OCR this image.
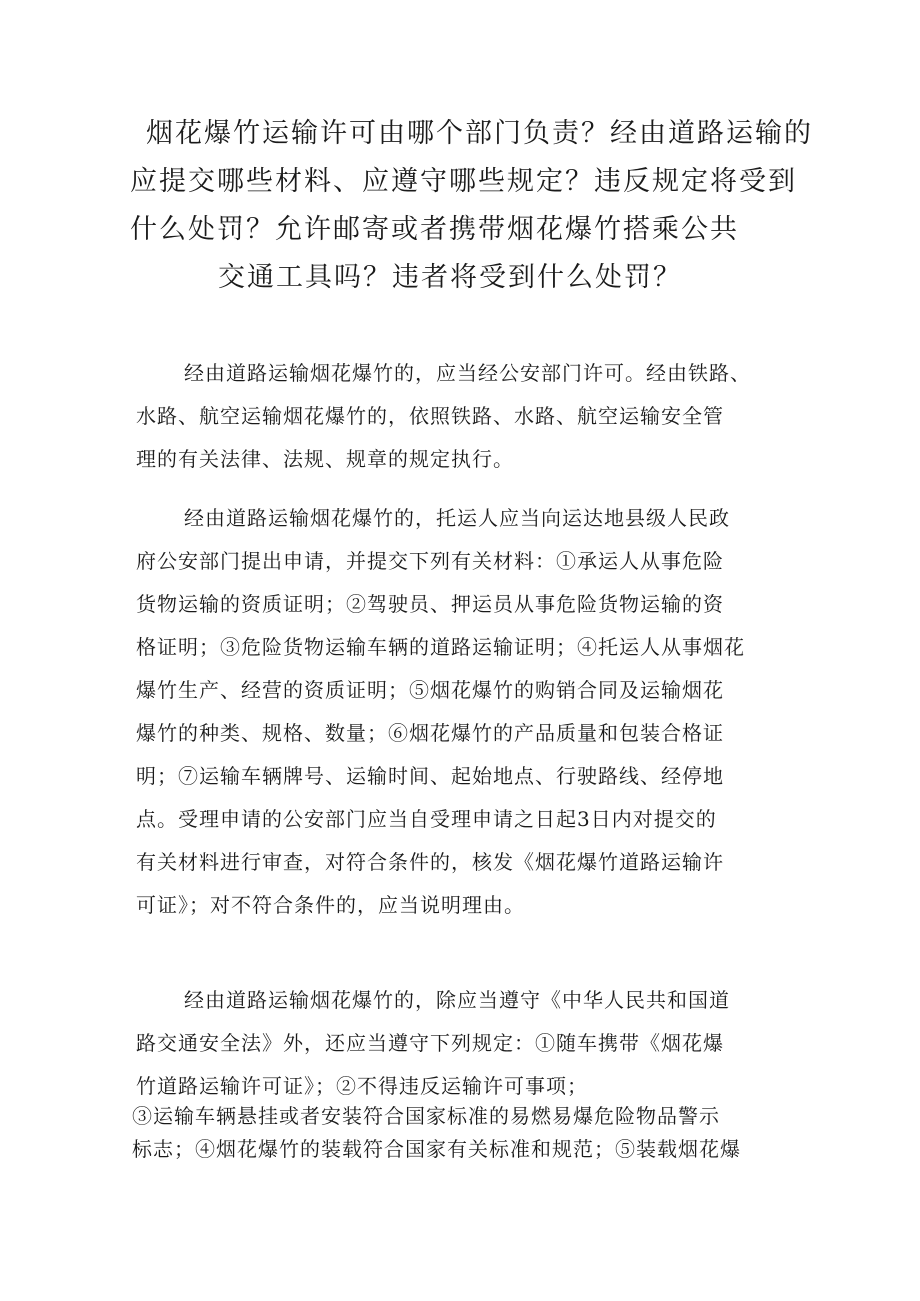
烟花爆竹运输许可由哪个部门负责？经由道路运输的
应提交哪些材料、应遵守哪些规定？违反规定将受到
什么处罚？允许邮寄或者携带烟花爆竹搭乘公共
交通工具吗？违者将受到什么处罚？
经由道路运输烟花爆竹的，应当经公安部门许可。经由铁路、
水路、航空运输烟花爆竹的，依照铁路、水路、航空运输安全管
理的有关法律、法规、规章的规定执行。
经由道路运输烟花爆竹的，托运人应当向运达地县级人民政
府公安部门提出申请，并提交下列有关材料：①承运人从事危险
货物运输的资质证明；②驾驶员、押运员从事危险货物运输的资
格证明；③危险货物运输车辆的道路运输证明；④托运人从事烟花
爆竹生产、经营的资质证明；⑤烟花爆竹的购销合同及运输烟花
爆竹的种类、规格、数量；⑥烟花爆竹的产品质量和包装合格证
明；⑦运输车辆牌号、运输时间、起始地点、行驶路线、经停地
点。受理申请的公安部门应当自受理申请之日起3日内对提交的
有关材料进行审查，对符合条件的，核发《烟花爆竹道路运输许
可证》；对不符合条件的，应当说明理由。
经由道路运输烟花爆竹的，除应当遵守《中华人民共和国道
路交通安全法》外，还应当遵守下列规定：①随车携带《烟花爆
竹道路运输许可证》；②不得违反运输许可事项；
③运输车辆悬挂或者安装符合国家标准的易燃易爆危险物品警示
标志；④烟花爆竹的装载符合国家有关标准和规范；⑤装载烟花爆
